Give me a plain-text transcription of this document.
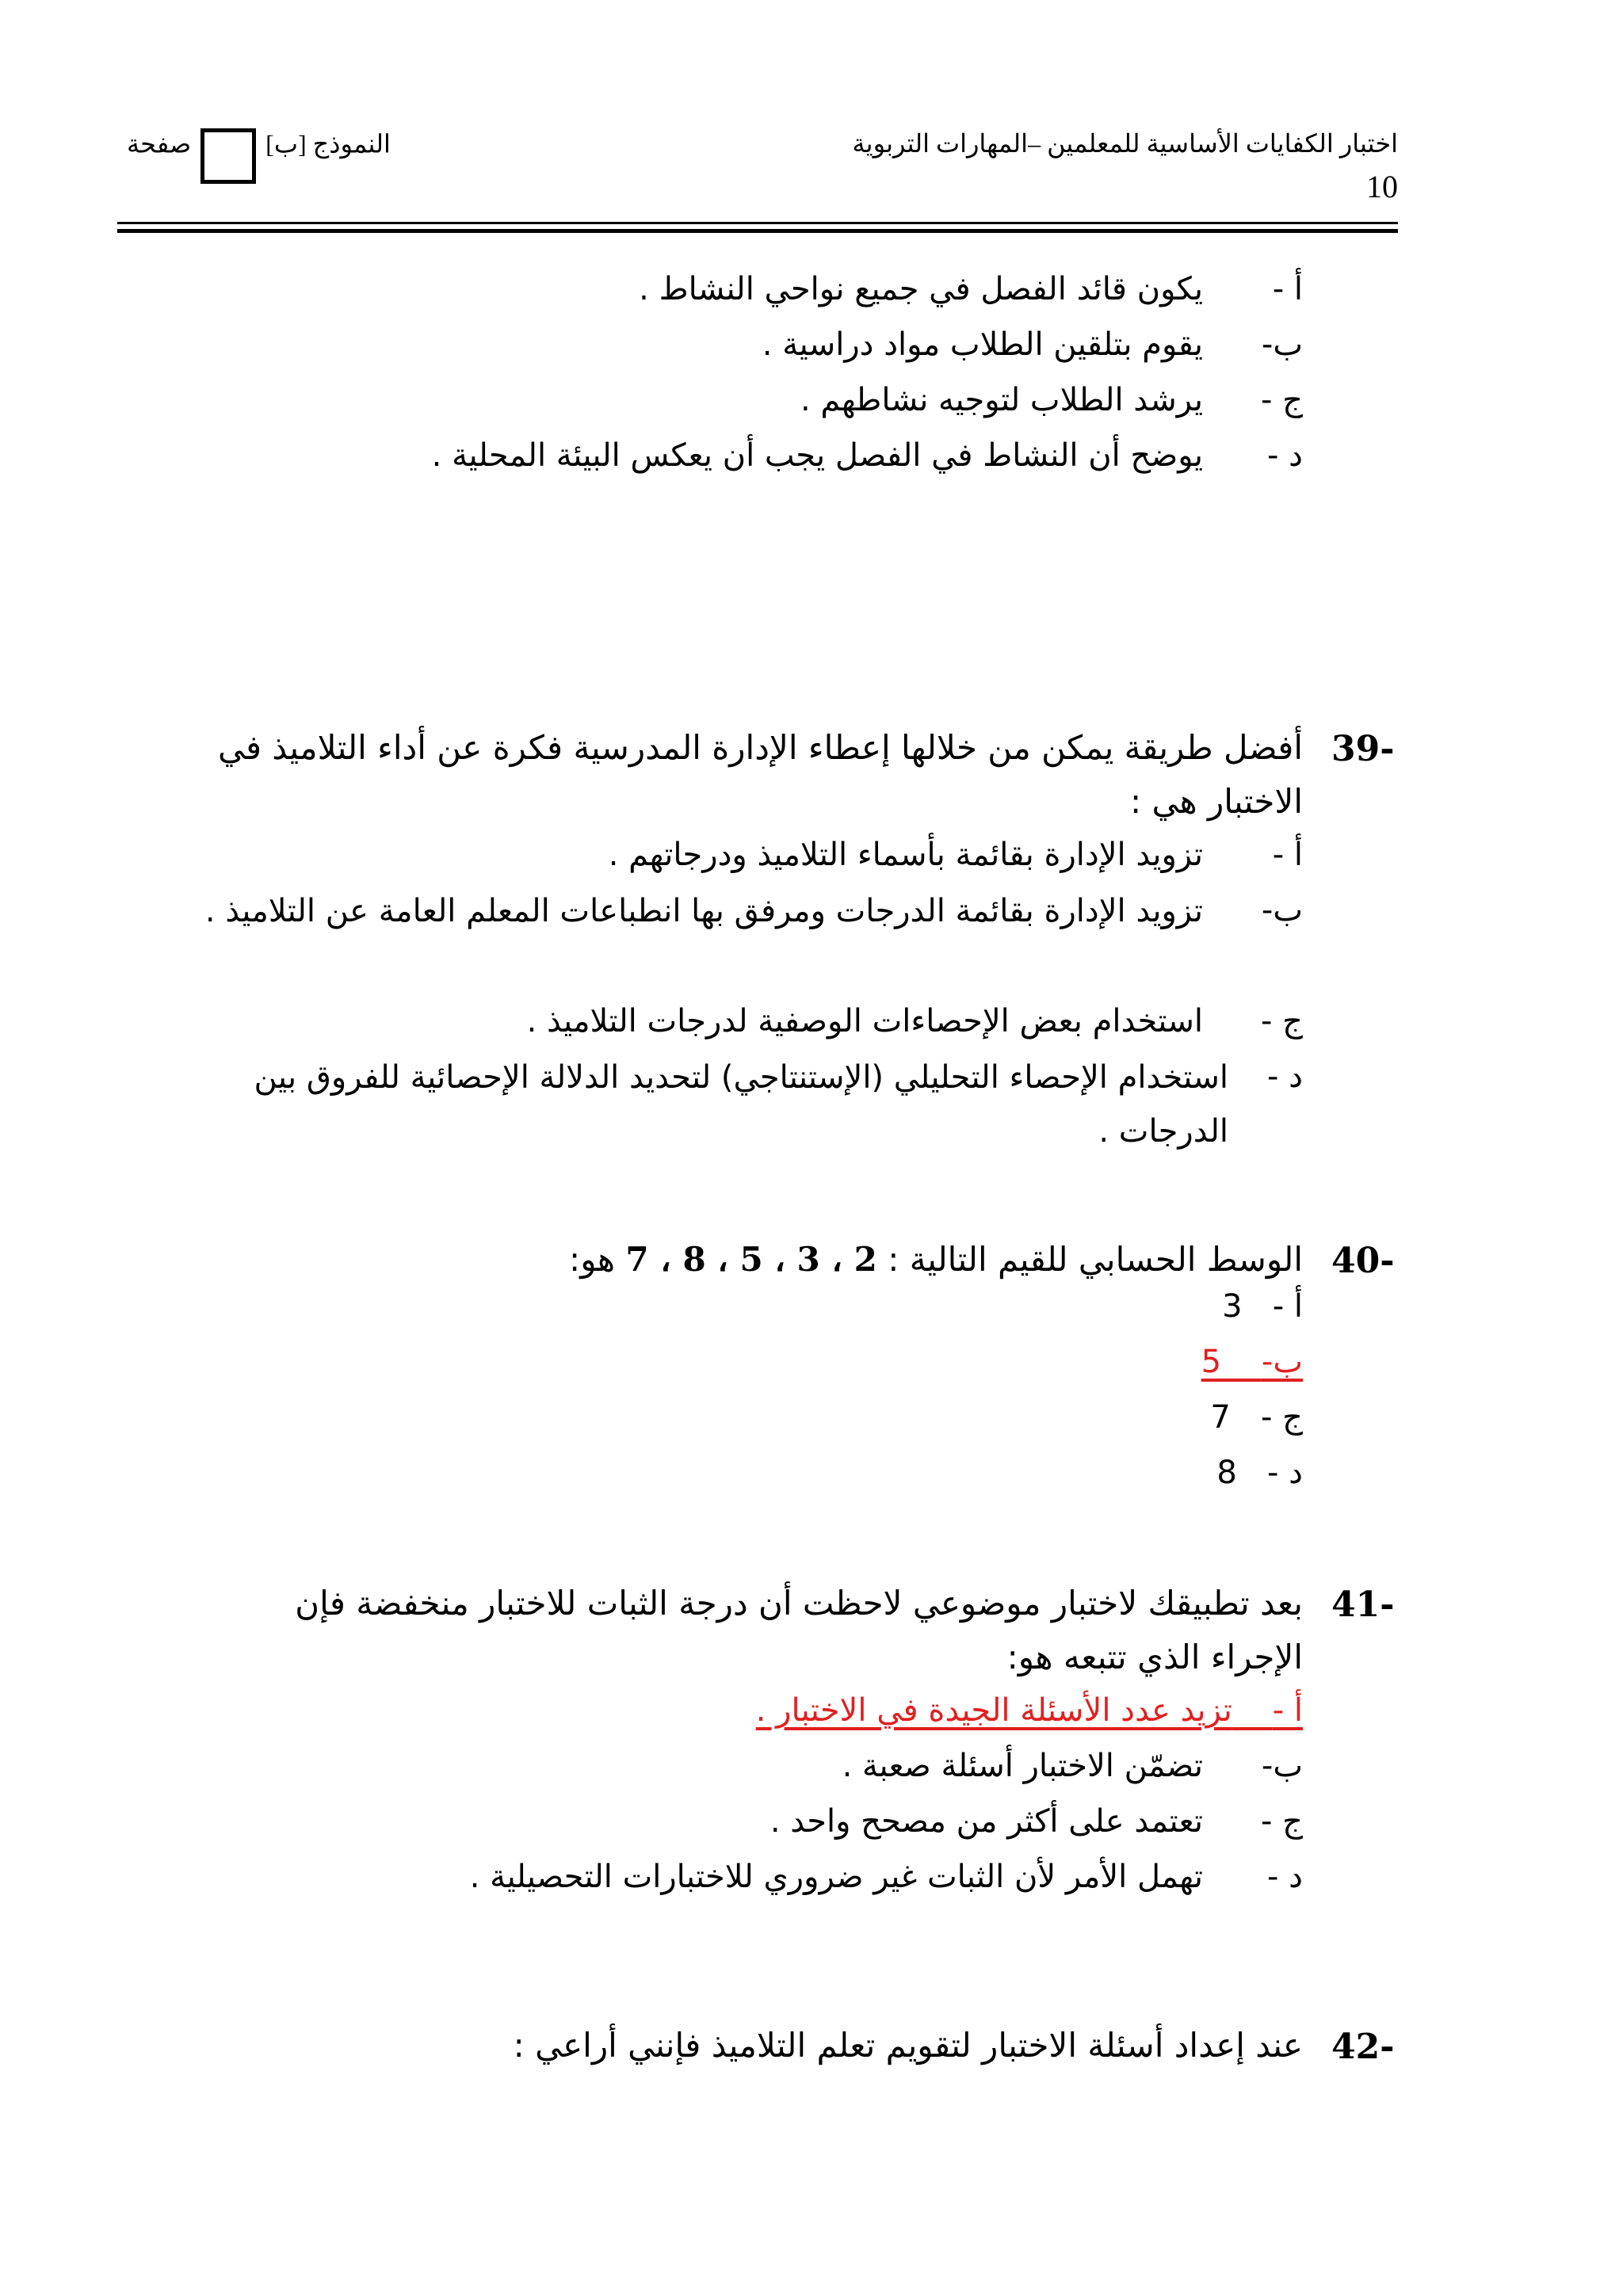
النموذج [ب]  صفحة	اختبار الكفايات الأساسية للمعلمين –المهارات التربوية
10
أ -
يكون قائد الفصل في جميع نواحي النشاط .
ب-
يقوم بتلقين الطلاب مواد دراسية .
ج -
يرشد الطلاب لتوجيه نشاطهم .
د -
يوضح أن النشاط في الفصل يجب أن يعكس البيئة المحلية .
39-
أفضل طريقة يمكن من خلالها إعطاء الإدارة المدرسية فكرة عن أداء التلاميذ في الاختبار هي :
أ -
تزويد الإدارة بقائمة بأسماء التلاميذ ودرجاتهم .
ب-
تزويد الإدارة بقائمة الدرجات ومرفق بها انطباعات المعلم العامة عن التلاميذ .
ج -
استخدام بعض الإحصاءات الوصفية لدرجات التلاميذ .
د -
استخدام الإحصاء التحليلي (الإستنتاجي) لتحديد الدلالة الإحصائية للفروق بين الدرجات .
40-
الوسط الحسابي للقيم التالية : 2 ، 3 ، 5 ، 8 ، 7 هو:
أ -   3
ب-    5
ج -   7
د -   8
41-
بعد تطبيقك لاختبار موضوعي لاحظت أن درجة الثبات للاختبار منخفضة فإن الإجراء الذي تتبعه هو:
أ -    تزيد عدد الأسئلة الجيدة في الاختبار .
ب-
تضمّن الاختبار أسئلة صعبة .
ج -
تعتمد على أكثر من مصحح واحد .
د -
تهمل الأمر لأن الثبات غير ضروري للاختبارات التحصيلية .
42-
عند إعداد أسئلة الاختبار لتقويم تعلم التلاميذ فإنني أراعي :
